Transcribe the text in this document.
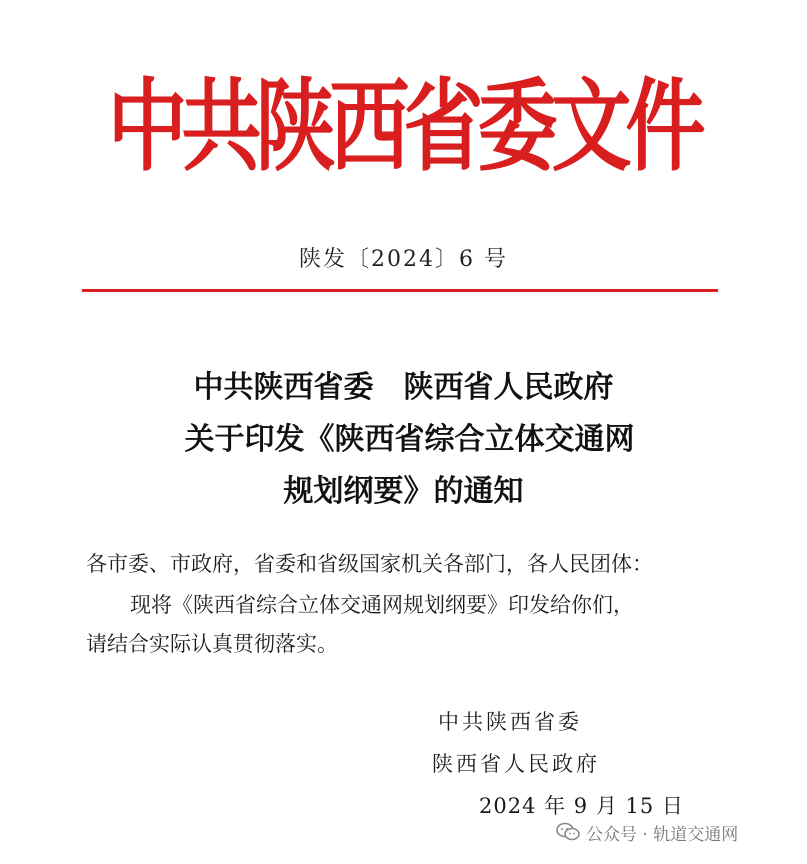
中共陕西省委文件
陕发〔2024〕6 号
中共陕西省委　陕西省人民政府
关于印发《陕西省综合立体交通网
规划纲要》的通知
各市委、市政府，省委和省级国家机关各部门，各人民团体：
现将《陕西省综合立体交通网规划纲要》印发给你们，
请结合实际认真贯彻落实。
中共陕西省委
陕西省人民政府
2024 年 9 月 15 日
公众号 · 轨道交通网
